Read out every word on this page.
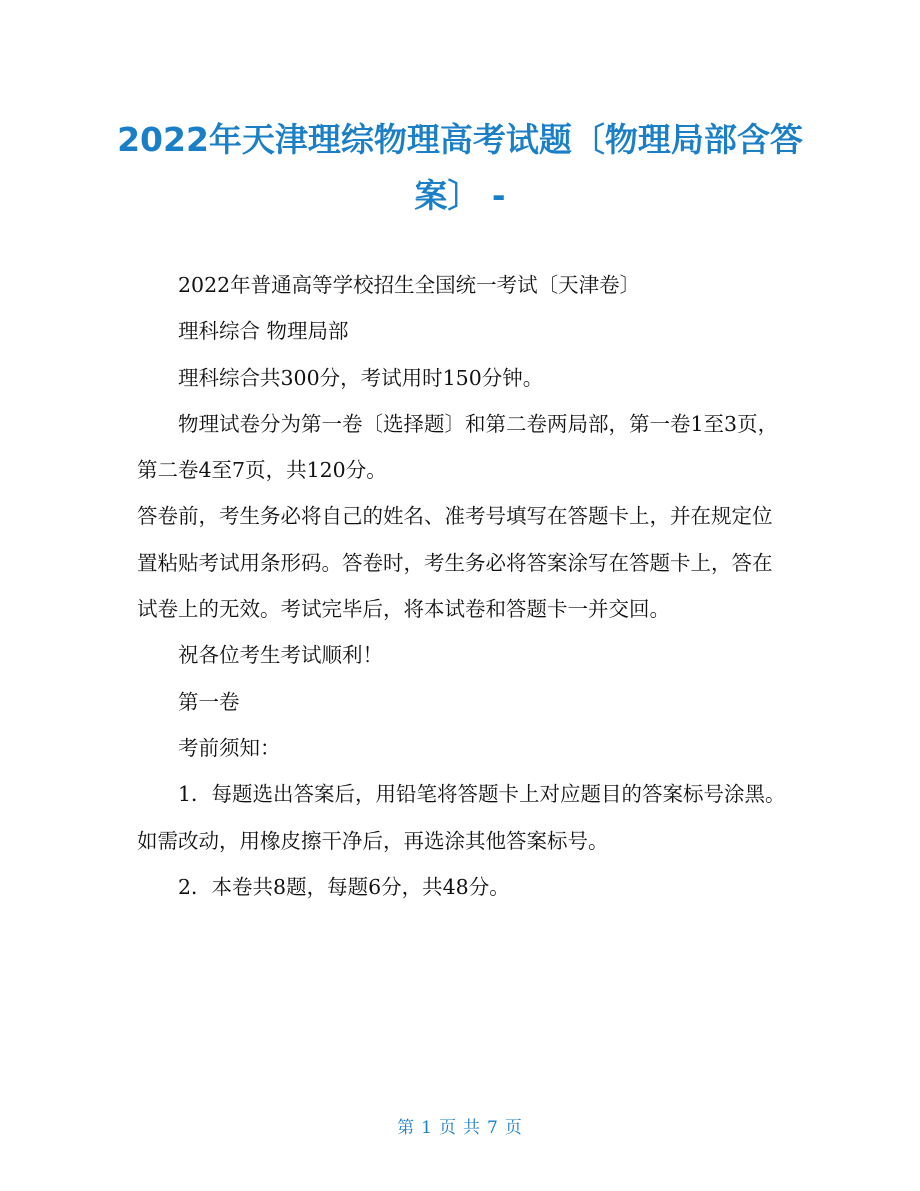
2022年天津理综物理高考试题〔物理局部含答案〕 -

2022年普通高等学校招生全国统一考试〔天津卷〕

理科综合 物理局部

理科综合共300分，考试用时150分钟。

物理试卷分为第一卷〔选择题〕和第二卷两局部，第一卷1至3页，第二卷4至7页，共120分。

答卷前，考生务必将自己的姓名、准考号填写在答题卡上，并在规定位置粘贴考试用条形码。答卷时，考生务必将答案涂写在答题卡上，答在试卷上的无效。考试完毕后，将本试卷和答题卡一并交回。

祝各位考生考试顺利！

第一卷

考前须知：

1．每题选出答案后，用铅笔将答题卡上对应题目的答案标号涂黑。如需改动，用橡皮擦干净后，再选涂其他答案标号。

2．本卷共8题，每题6分，共48分。

第 1 页 共 7 页
